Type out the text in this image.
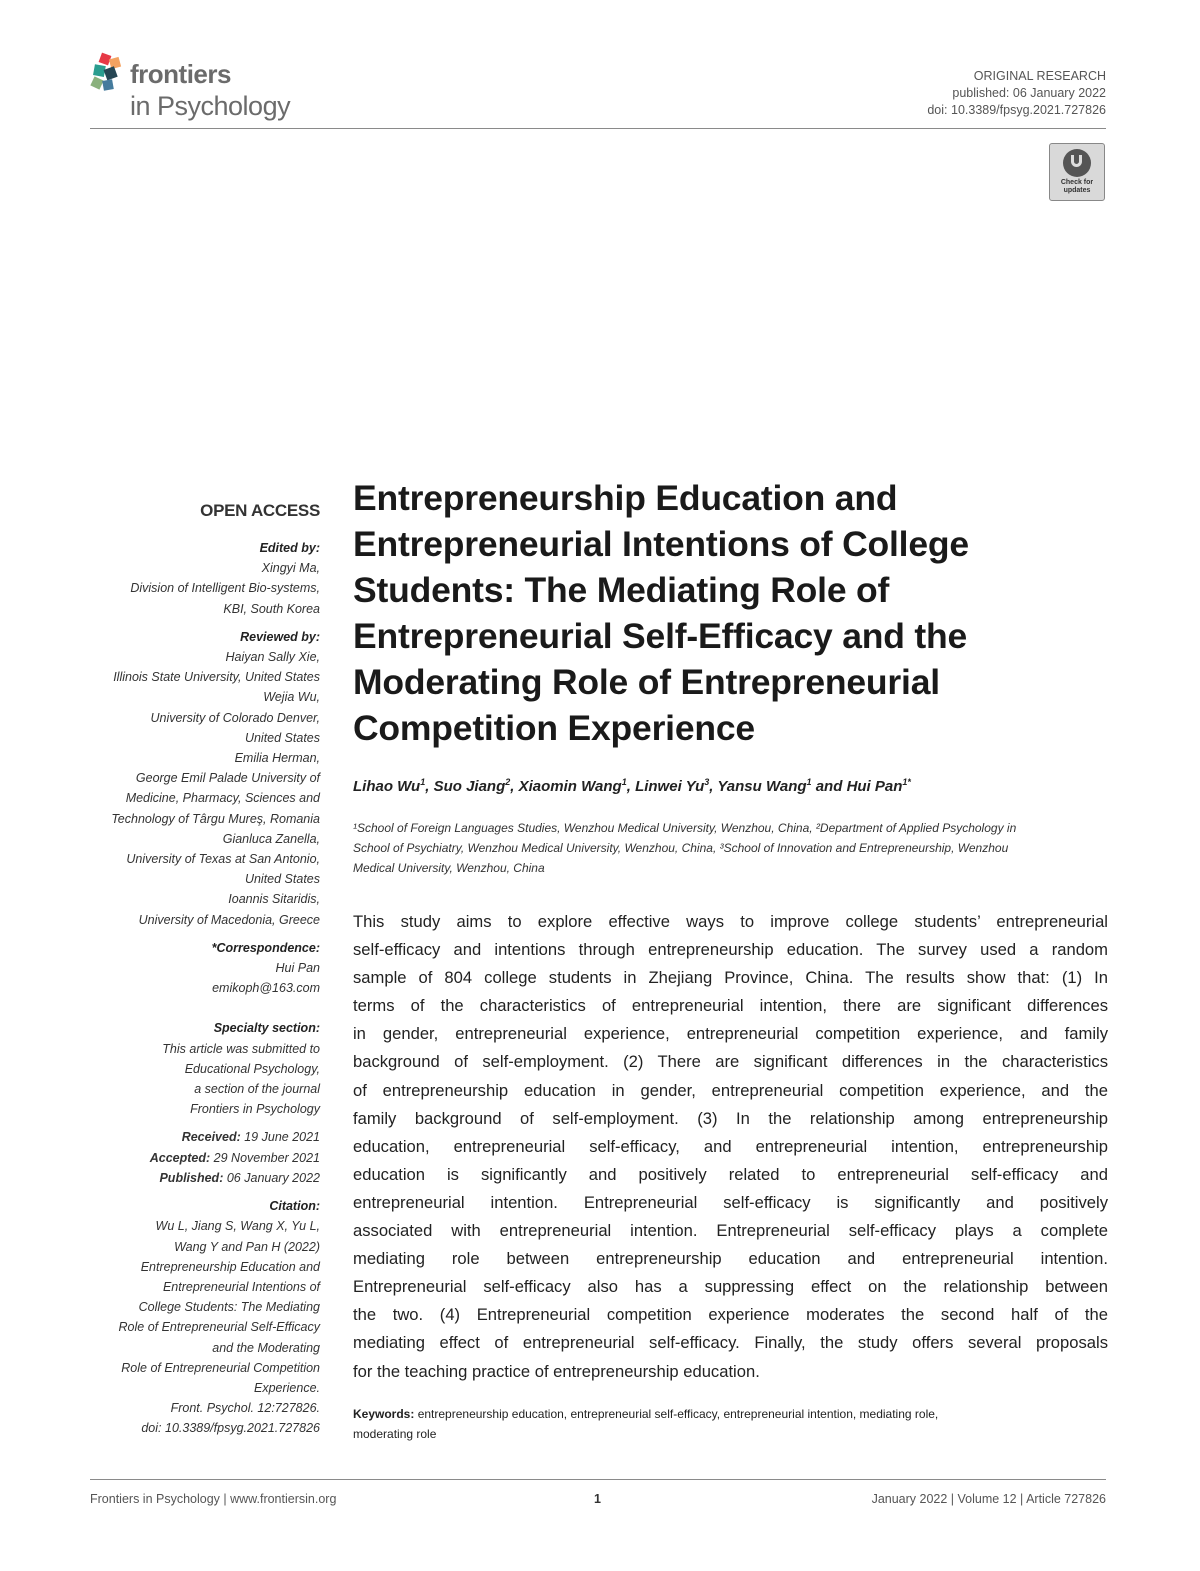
frontiers
in Psychology
ORIGINAL RESEARCH
published: 06 January 2022
doi: 10.3389/fpsyg.2021.727826
Check for updates
OPEN ACCESS
Edited by:
Xingyi Ma,
Division of Intelligent Bio-systems,
KBI, South Korea
Reviewed by:
Haiyan Sally Xie,
Illinois State University, United States
Wejia Wu,
University of Colorado Denver,
United States
Emilia Herman,
George Emil Palade University of
Medicine, Pharmacy, Sciences and
Technology of Târgu Mureş, Romania
Gianluca Zanella,
University of Texas at San Antonio,
United States
Ioannis Sitaridis,
University of Macedonia, Greece
*Correspondence:
Hui Pan
emikoph@163.com
Specialty section:
This article was submitted to
Educational Psychology,
a section of the journal
Frontiers in Psychology
Received: 19 June 2021
Accepted: 29 November 2021
Published: 06 January 2022
Citation:
Wu L, Jiang S, Wang X, Yu L,
Wang Y and Pan H (2022)
Entrepreneurship Education and
Entrepreneurial Intentions of
College Students: The Mediating
Role of Entrepreneurial Self-Efficacy
and the Moderating
Role of Entrepreneurial Competition
Experience.
Front. Psychol. 12:727826.
doi: 10.3389/fpsyg.2021.727826
Entrepreneurship Education and
Entrepreneurial Intentions of College
Students: The Mediating Role of
Entrepreneurial Self-Efficacy and the
Moderating Role of Entrepreneurial
Competition Experience
Lihao Wu$^1$, Suo Jiang$^2$, Xiaomin Wang$^1$, Linwei Yu$^3$, Yansu Wang$^1$ and Hui Pan$^{1*}$
¹School of Foreign Languages Studies, Wenzhou Medical University, Wenzhou, China, ²Department of Applied Psychology in
School of Psychiatry, Wenzhou Medical University, Wenzhou, China, ³School of Innovation and Entrepreneurship, Wenzhou
Medical University, Wenzhou, China
This study aims to explore effective ways to improve college students’ entrepreneurial
self-efficacy and intentions through entrepreneurship education. The survey used a random
sample of 804 college students in Zhejiang Province, China. The results show that: (1) In
terms of the characteristics of entrepreneurial intention, there are significant differences
in gender, entrepreneurial experience, entrepreneurial competition experience, and family
background of self-employment. (2) There are significant differences in the characteristics
of entrepreneurship education in gender, entrepreneurial competition experience, and the
family background of self-employment. (3) In the relationship among entrepreneurship
education, entrepreneurial self-efficacy, and entrepreneurial intention, entrepreneurship
education is significantly and positively related to entrepreneurial self-efficacy and
entrepreneurial intention. Entrepreneurial self-efficacy is significantly and positively
associated with entrepreneurial intention. Entrepreneurial self-efficacy plays a complete
mediating role between entrepreneurship education and entrepreneurial intention.
Entrepreneurial self-efficacy also has a suppressing effect on the relationship between
the two. (4) Entrepreneurial competition experience moderates the second half of the
mediating effect of entrepreneurial self-efficacy. Finally, the study offers several proposals
for the teaching practice of entrepreneurship education.
Keywords: entrepreneurship education, entrepreneurial self-efficacy, entrepreneurial intention, mediating role,
moderating role
Frontiers in Psychology | www.frontiersin.org	1	January 2022 | Volume 12 | Article 727826
